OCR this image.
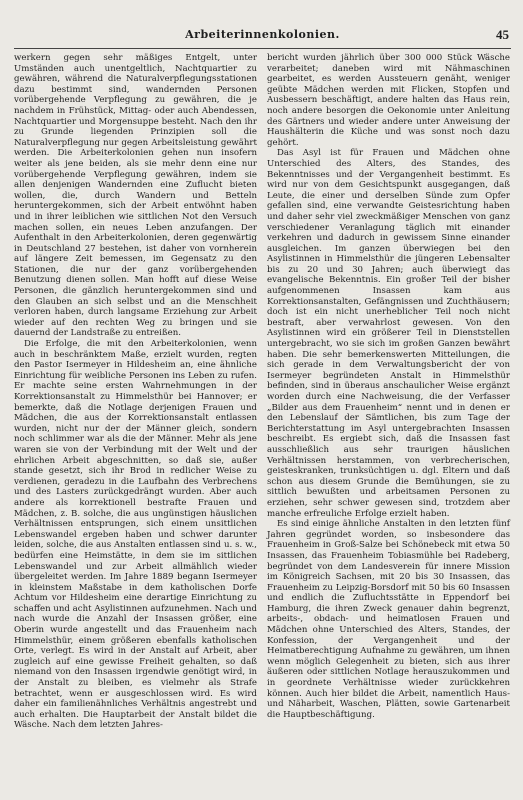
Arbeiterinnenkolonien.	45

werkern gegen sehr mäßiges Entgelt, unter Umständen auch unentgeltlich, Nachtquartier zu gewähren, während die Naturalverpflegungsstationen dazu bestimmt sind, wandernden Personen vorübergehende Verpflegung zu gewähren, die je nachdem in Frühstück, Mittag- oder auch Abendessen, Nachtquartier und Morgensuppe besteht. Nach den ihr zu Grunde liegenden Prinzipien soll die Naturalverpflegung nur gegen Arbeitsleistung gewährt werden. Die Arbeiterkolonien gehen nun insofern weiter als jene beiden, als sie mehr denn eine nur vorübergehende Verpflegung gewähren, indem sie allen denjenigen Wandernden eine Zuflucht bieten wollen, die, durch Wandern und Betteln heruntergekommen, sich der Arbeit entwöhnt haben und in ihrer leiblichen wie sittlichen Not den Versuch machen sollen, ein neues Leben anzufangen. Der Aufenthalt in den Arbeiterkolonien, deren gegenwärtig in Deutschland 27 bestehen, ist daher von vornherein auf längere Zeit bemessen, im Gegensatz zu den Stationen, die nur der ganz vorübergehenden Benutzung dienen sollen. Man hofft auf diese Weise Personen, die gänzlich heruntergekommen sind und den Glauben an sich selbst und an die Menschheit verloren haben, durch langsame Erziehung zur Arbeit wieder auf den rechten Weg zu bringen und sie dauernd der Landstraße zu entreißen.

Die Erfolge, die mit den Arbeiterkolonien, wenn auch in beschränktem Maße, erzielt wurden, regten den Pastor Isermeyer in Hildesheim an, eine ähnliche Einrichtung für weibliche Personen ins Leben zu rufen. Er machte seine ersten Wahrnehmungen in der Korrektionsanstalt zu Himmelsthür bei Hannover; er bemerkte, daß die Notlage derjenigen Frauen und Mädchen, die aus der Korrektionsanstalt entlassen wurden, nicht nur der der Männer gleich, sondern noch schlimmer war als die der Männer. Mehr als jene waren sie von der Verbindung mit der Welt und der ehrlichen Arbeit abgeschnitten, so daß sie, außer stande gesetzt, sich ihr Brod in redlicher Weise zu verdienen, geradezu in die Laufbahn des Verbrechens und des Lasters zurückgedrängt wurden. Aber auch andere als korrektionell bestrafte Frauen und Mädchen, z. B. solche, die aus ungünstigen häuslichen Verhältnissen entsprungen, sich einem unsittlichen Lebenswandel ergeben haben und schwer darunter leiden, solche, die aus Anstalten entlassen sind u. s. w., bedürfen eine Heimstätte, in dem sie im sittlichen Lebenswandel und zur Arbeit allmählich wieder übergeleitet werden. Im Jahre 1889 begann Isermeyer in kleinstem Maßstabe in dem katholischen Dorfe Achtum vor Hildesheim eine derartige Einrichtung zu schaffen und acht Asylistinnen aufzunehmen. Nach und nach wurde die Anzahl der Insassen größer, eine Oberin wurde angestellt und das Frauenheim nach Himmelsthür, einem größeren ebenfalls katholischen Orte, verlegt. Es wird in der Anstalt auf Arbeit, aber zugleich auf eine gewisse Freiheit gehalten, so daß niemand von den Insassen irgendwie genötigt wird, in der Anstalt zu bleiben, es vielmehr als Strafe betrachtet, wenn er ausgeschlossen wird. Es wird daher ein familienähnliches Verhältnis angestrebt und auch erhalten. Die Hauptarbeit der Anstalt bildet die Wäsche. Nach dem letzten Jahres-

bericht wurden jährlich über 300 000 Stück Wäsche verarbeitet; daneben wird mit Nähmaschinen gearbeitet, es werden Aussteuern genäht, weniger geübte Mädchen werden mit Flicken, Stopfen und Ausbessern beschäftigt, andere halten das Haus rein, noch andere besorgen die Oekonomie unter Anleitung des Gärtners und wieder andere unter Anweisung der Haushälterin die Küche und was sonst noch dazu gehört.

Das Asyl ist für Frauen und Mädchen ohne Unterschied des Alters, des Standes, des Bekenntnisses und der Vergangenheit bestimmt. Es wird nur von dem Gesichtspunkt ausgegangen, daß Leute, die einer und derselben Sünde zum Opfer gefallen sind, eine verwandte Geistesrichtung haben und daher sehr viel zweckmäßiger Menschen von ganz verschiedener Veranlagung täglich mit einander verkehren und dadurch in gewissem Sinne einander ausgleichen. Im ganzen überwiegen bei den Asylistinnen in Himmelsthür die jüngeren Lebensalter bis zu 20 und 30 Jahren; auch überwiegt das evangelische Bekenntnis. Ein großer Teil der bisher aufgenommenen Insassen kam aus Korrektionsanstalten, Gefängnissen und Zuchthäusern; doch ist ein nicht unerheblicher Teil noch nicht bestraft, aber verwahrlost gewesen. Von den Asylistinnen wird ein größerer Teil in Dienststellen untergebracht, wo sie sich im großen Ganzen bewährt haben. Die sehr bemerkenswerten Mitteilungen, die sich gerade in dem Verwaltungsbericht der von Isermeyer begründeten Anstalt in Himmelsthür befinden, sind in überaus anschaulicher Weise ergänzt worden durch eine Nachweisung, die der Verfasser „Bilder aus dem Frauenheim“ nennt und in denen er den Lebenslauf der Sämtlichen, bis zum Tage der Berichterstattung im Asyl untergebrachten Insassen beschreibt. Es ergiebt sich, daß die Insassen fast ausschließlich aus sehr traurigen häuslichen Verhältnissen herstammen, von verbrecherischen, geisteskranken, trunksüchtigen u. dgl. Eltern und daß schon aus diesem Grunde die Bemühungen, sie zu sittlich bewußten und arbeitsamen Personen zu erziehen, sehr schwer gewesen sind, trotzdem aber manche erfreuliche Erfolge erzielt haben.

Es sind einige ähnliche Anstalten in den letzten fünf Jahren gegründet worden, so insbesondere das Frauenheim in Groß-Salze bei Schönebeck mit etwa 50 Insassen, das Frauenheim Tobiasmühle bei Radeberg, begründet von dem Landesverein für innere Mission im Königreich Sachsen, mit 20 bis 30 Insassen, das Frauenheim zu Leipzig-Borsdorf mit 50 bis 60 Insassen und endlich die Zufluchtsstätte in Eppendorf bei Hamburg, die ihren Zweck genauer dahin begrenzt, arbeits-, obdach- und heimatlosen Frauen und Mädchen ohne Unterschied des Alters, Standes, der Konfession, der Vergangenheit und der Heimatberechtigung Aufnahme zu gewähren, um ihnen wenn möglich Gelegenheit zu bieten, sich aus ihrer äußeren oder sittlichen Notlage herauszukommen und in geordnete Verhältnisse wieder zurückkehren können. Auch hier bildet die Arbeit, namentlich Haus- und Näharbeit, Waschen, Plätten, sowie Gartenarbeit die Hauptbeschäftigung.
